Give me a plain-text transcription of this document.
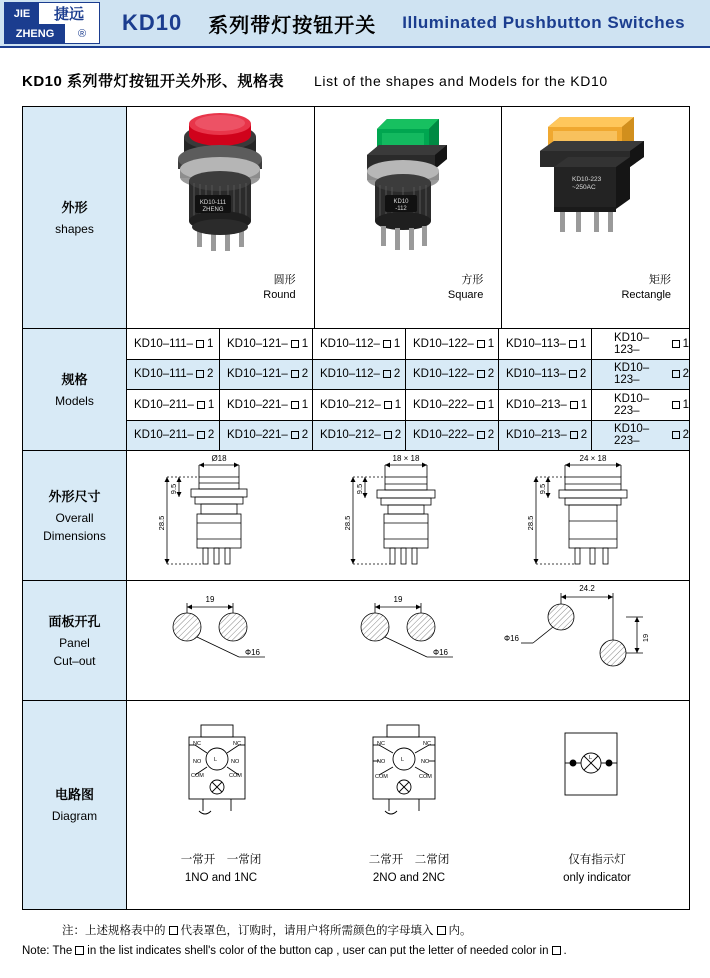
JIE	捷远
ZHENG	®	KD10 系列带灯按钮开关 Illuminated Pushbutton Switches
KD10 系列带灯按钮开关外形、规格表 List of the shapes and Models for the KD10
外形
shapes
KD10-111
ZHENG
圆形
Round
KD10
-112
方形
Square
KD10-223
~250AC
矩形
Rectangle
规格
Models
KD10–111– 1 KD10–121– 1 KD10–112– 1 KD10–122– 1 KD10–113– 1 KD10–123–	1
KD10–111– 2 KD10–121– 2 KD10–112– 2 KD10–122– 2 KD10–113– 2 KD10–123–	2
KD10–211– 1 KD10–221– 1 KD10–212– 1 KD10–222– 1 KD10–213– 1 KD10–223–	1
KD10–211– 2 KD10–221– 2 KD10–212– 2 KD10–222– 2 KD10–213– 2 KD10–223–	2
外形尺寸
Overall
Dimensions
Ø18
9.5
28.5
18 × 18
9.5
28.5
24 × 18
9.5
28.5
面板开孔
Panel
Cut–out
19
Ф16
19
Ф16
24.2
19
Ф16
电路图
Diagram
NC	NC
NO	NO
COM	COM
L
一常开　一常闭
1NO and 1NC
NC	NC
NO	NO
COM	COM
L
二常开　二常闭
2NO and 2NC
L
仅有指示灯
only indicator
注：上述规格表中的 代表罩色，订购时，请用户将所需颜色的字母填入 内。
Note: The in the list indicates shell's color of the button cap , user can put the letter of needed color in .
